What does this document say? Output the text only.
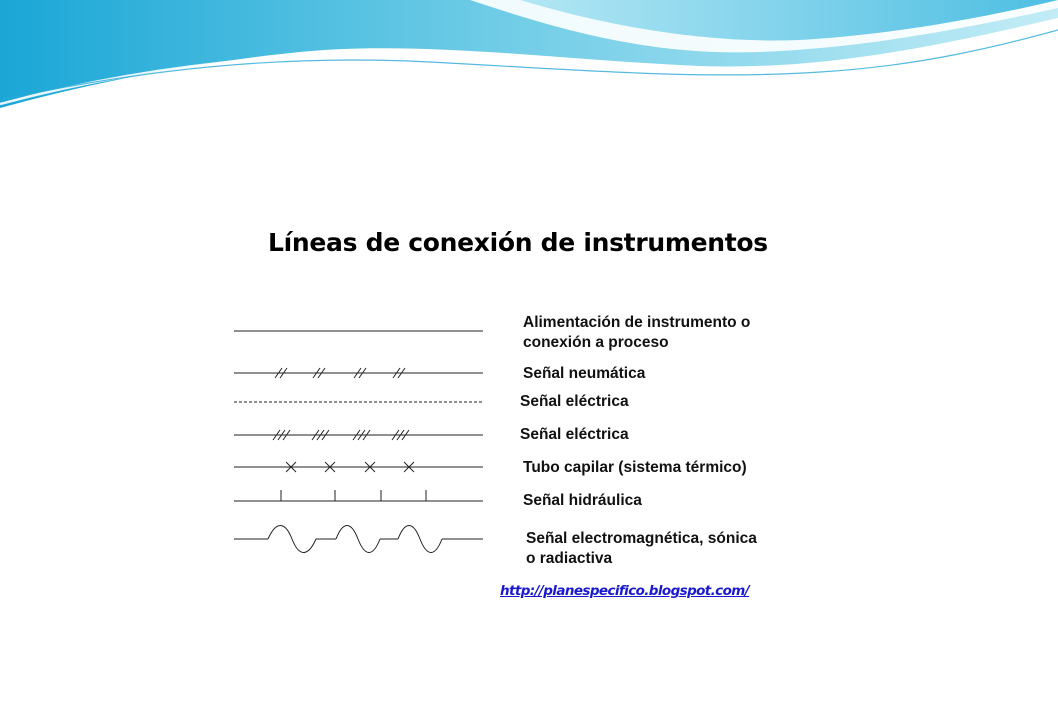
Líneas de conexión de instrumentos
Alimentación de instrumento o
conexión a proceso
Señal neumática
Señal eléctrica
Señal eléctrica
Tubo capilar (sistema térmico)
Señal hidráulica
Señal electromagnética, sónica
o radiactiva
http://planespecifico.blogspot.com/
